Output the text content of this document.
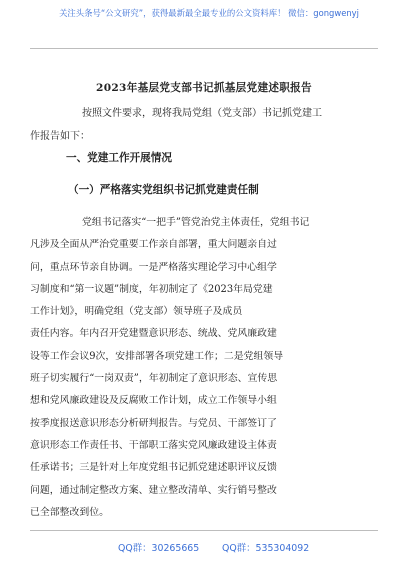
关注头条号“公文研究”，获得最新最全最专业的公文资料库！ 微信：gongwenyj
2023年基层党支部书记抓基层党建述职报告
按照文件要求，现将我局党组（党支部）书记抓党建工
作报告如下：
一、党建工作开展情况
（一）严格落实党组织书记抓党建责任制
党组书记落实“一把手”管党治党主体责任，党组书记
凡涉及全面从严治党重要工作亲自部署，重大问题亲自过
问，重点环节亲自协调。一是严格落实理论学习中心组学
习制度和“第一议题”制度，年初制定了《2023年局党建
工作计划》，明确党组（党支部）领导班子及成员
责任内容。年内召开党建暨意识形态、统战、党风廉政建
设等工作会议9次，安排部署各项党建工作；二是党组领导
班子切实履行“一岗双责”，年初制定了意识形态、宣传思
想和党风廉政建设及反腐败工作计划，成立工作领导小组
按季度报送意识形态分析研判报告。与党员、干部签订了
意识形态工作责任书、干部职工落实党风廉政建设主体责
任承诺书；三是针对上年度党组书记抓党建述职评议反馈
问题，通过制定整改方案、建立整改清单、实行销号整改
已全部整改到位。
QQ群：30265665 QQ群：535304092
